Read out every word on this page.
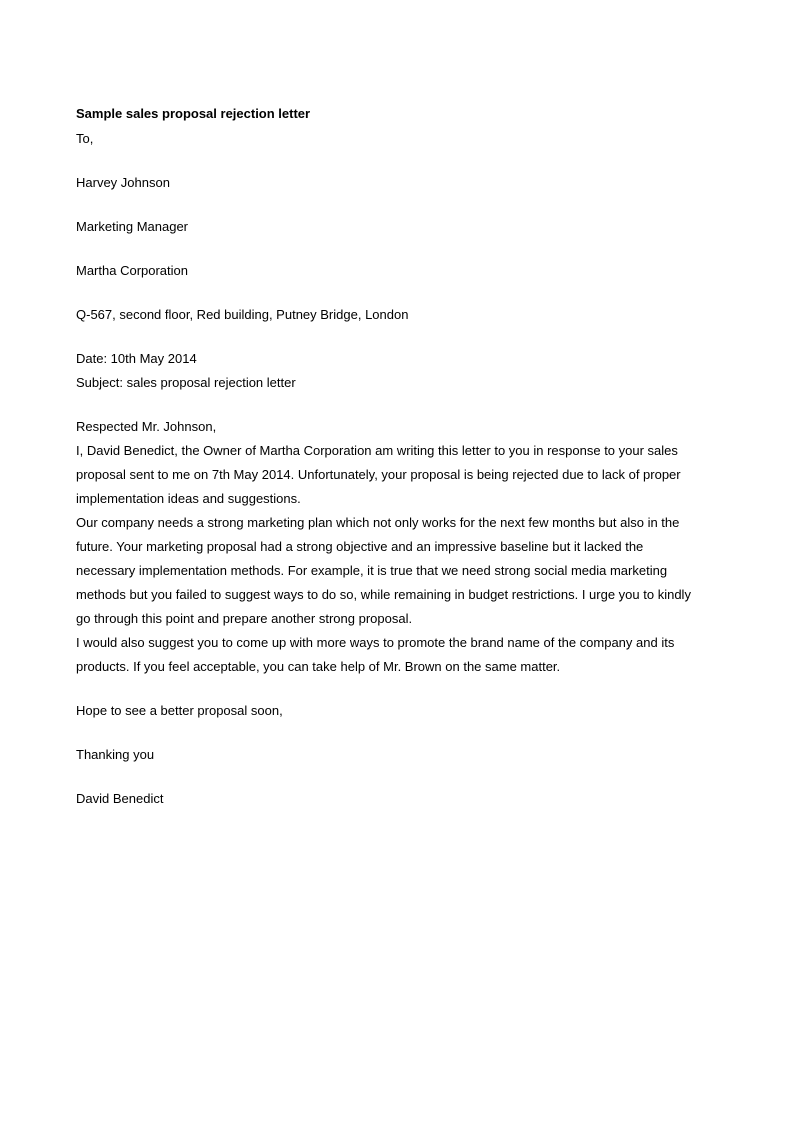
Sample sales proposal rejection letter

To,

Harvey Johnson

Marketing Manager

Martha Corporation

Q-567, second floor, Red building, Putney Bridge, London

Date: 10th May 2014

Subject: sales proposal rejection letter

Respected Mr. Johnson,

I, David Benedict, the Owner of Martha Corporation am writing this letter to you in response to your sales
proposal sent to me on 7th May 2014. Unfortunately, your proposal is being rejected due to lack of proper
implementation ideas and suggestions.
Our company needs a strong marketing plan which not only works for the next few months but also in the
future. Your marketing proposal had a strong objective and an impressive baseline but it lacked the
necessary implementation methods. For example, it is true that we need strong social media marketing
methods but you failed to suggest ways to do so, while remaining in budget restrictions. I urge you to kindly
go through this point and prepare another strong proposal.
I would also suggest you to come up with more ways to promote the brand name of the company and its
products. If you feel acceptable, you can take help of Mr. Brown on the same matter.

Hope to see a better proposal soon,

Thanking you

David Benedict
